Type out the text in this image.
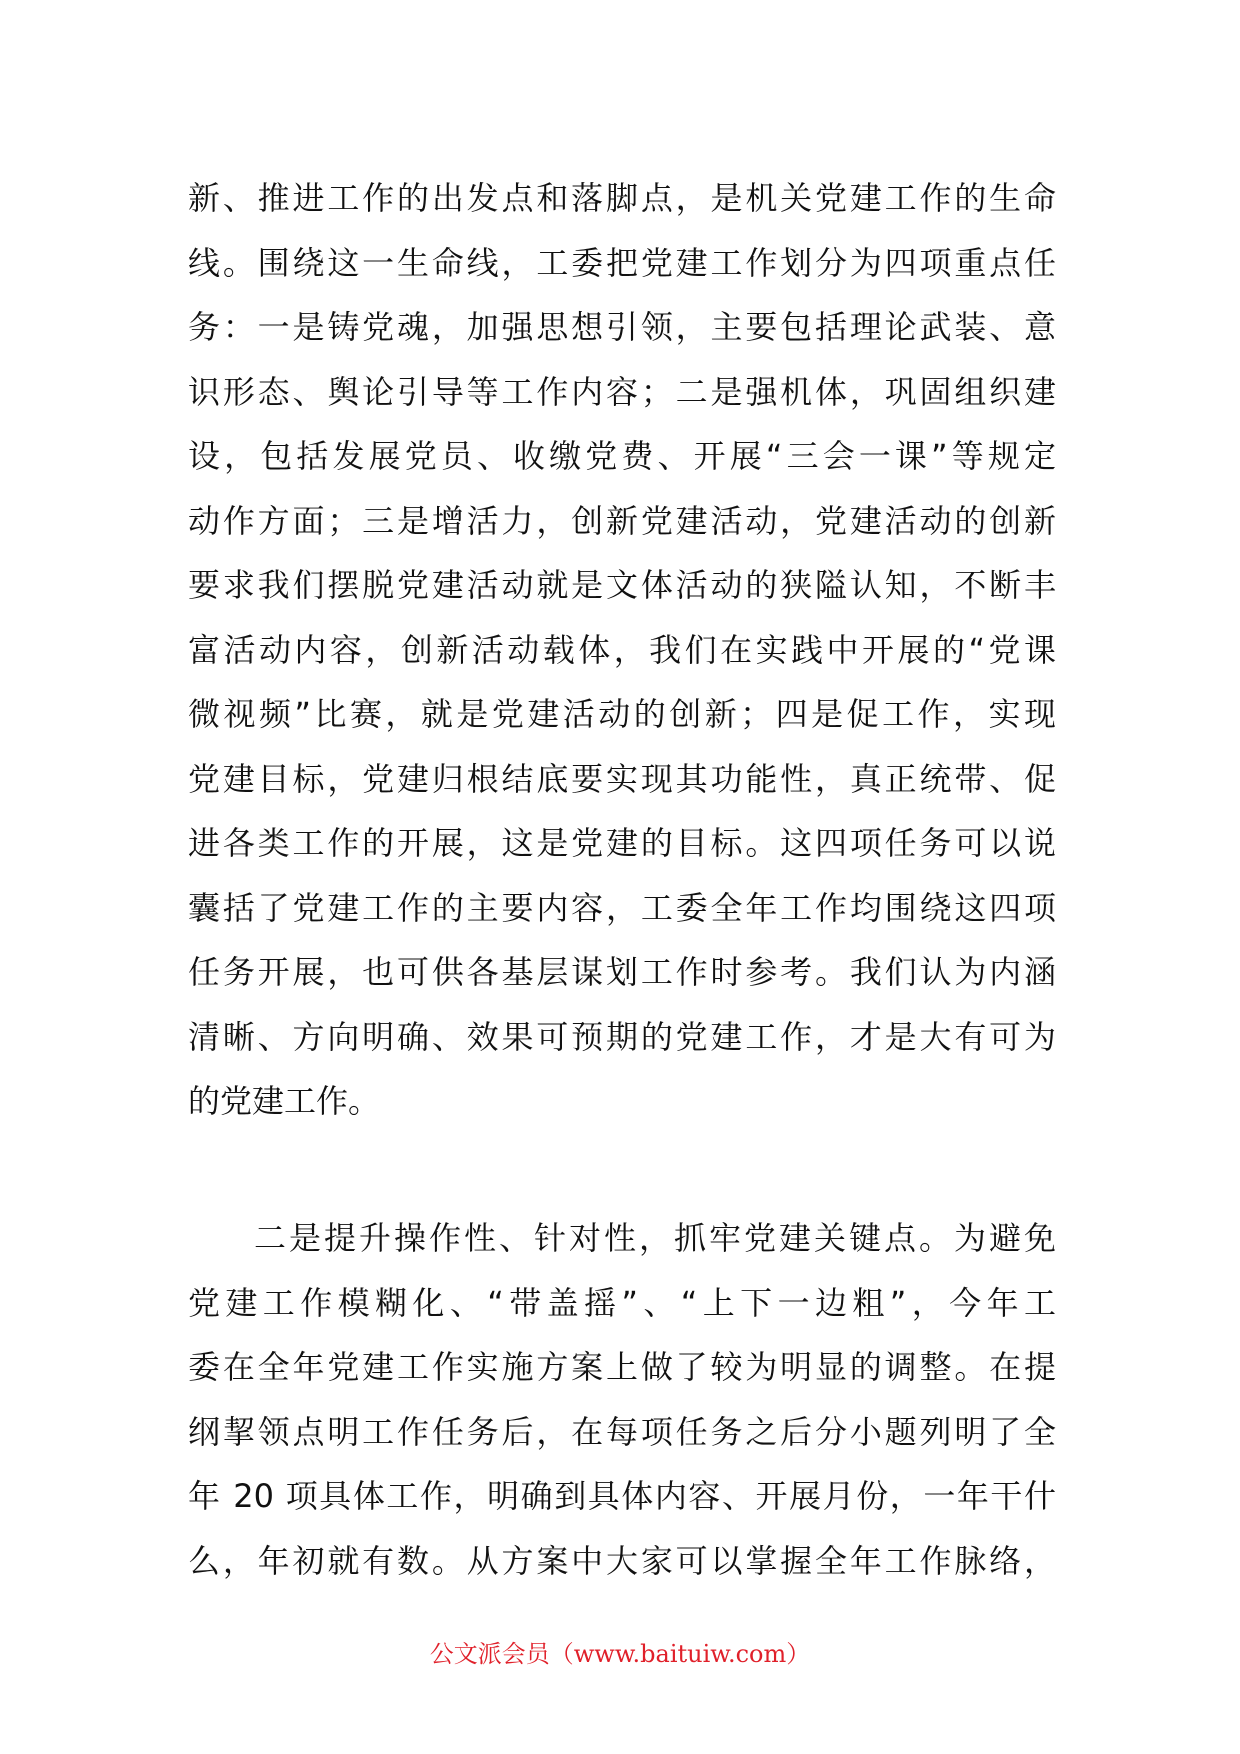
新、推进工作的出发点和落脚点，是机关党建工作的生命
线。围绕这一生命线，工委把党建工作划分为四项重点任
务：一是铸党魂，加强思想引领，主要包括理论武装、意
识形态、舆论引导等工作内容；二是强机体，巩固组织建
设，包括发展党员、收缴党费、开展“三会一课”等规定
动作方面；三是增活力，创新党建活动，党建活动的创新
要求我们摆脱党建活动就是文体活动的狭隘认知，不断丰
富活动内容，创新活动载体，我们在实践中开展的“党课
微视频”比赛，就是党建活动的创新；四是促工作，实现
党建目标，党建归根结底要实现其功能性，真正统带、促
进各类工作的开展，这是党建的目标。这四项任务可以说
囊括了党建工作的主要内容，工委全年工作均围绕这四项
任务开展，也可供各基层谋划工作时参考。我们认为内涵
清晰、方向明确、效果可预期的党建工作，才是大有可为
的党建工作。
二是提升操作性、针对性，抓牢党建关键点。为避免
党建工作模糊化、“带盖摇”、“上下一边粗”，今年工
委在全年党建工作实施方案上做了较为明显的调整。在提
纲挈领点明工作任务后，在每项任务之后分小题列明了全
年 20 项具体工作，明确到具体内容、开展月份，一年干什
么，年初就有数。从方案中大家可以掌握全年工作脉络，
公文派会员（www.baituiw.com）
